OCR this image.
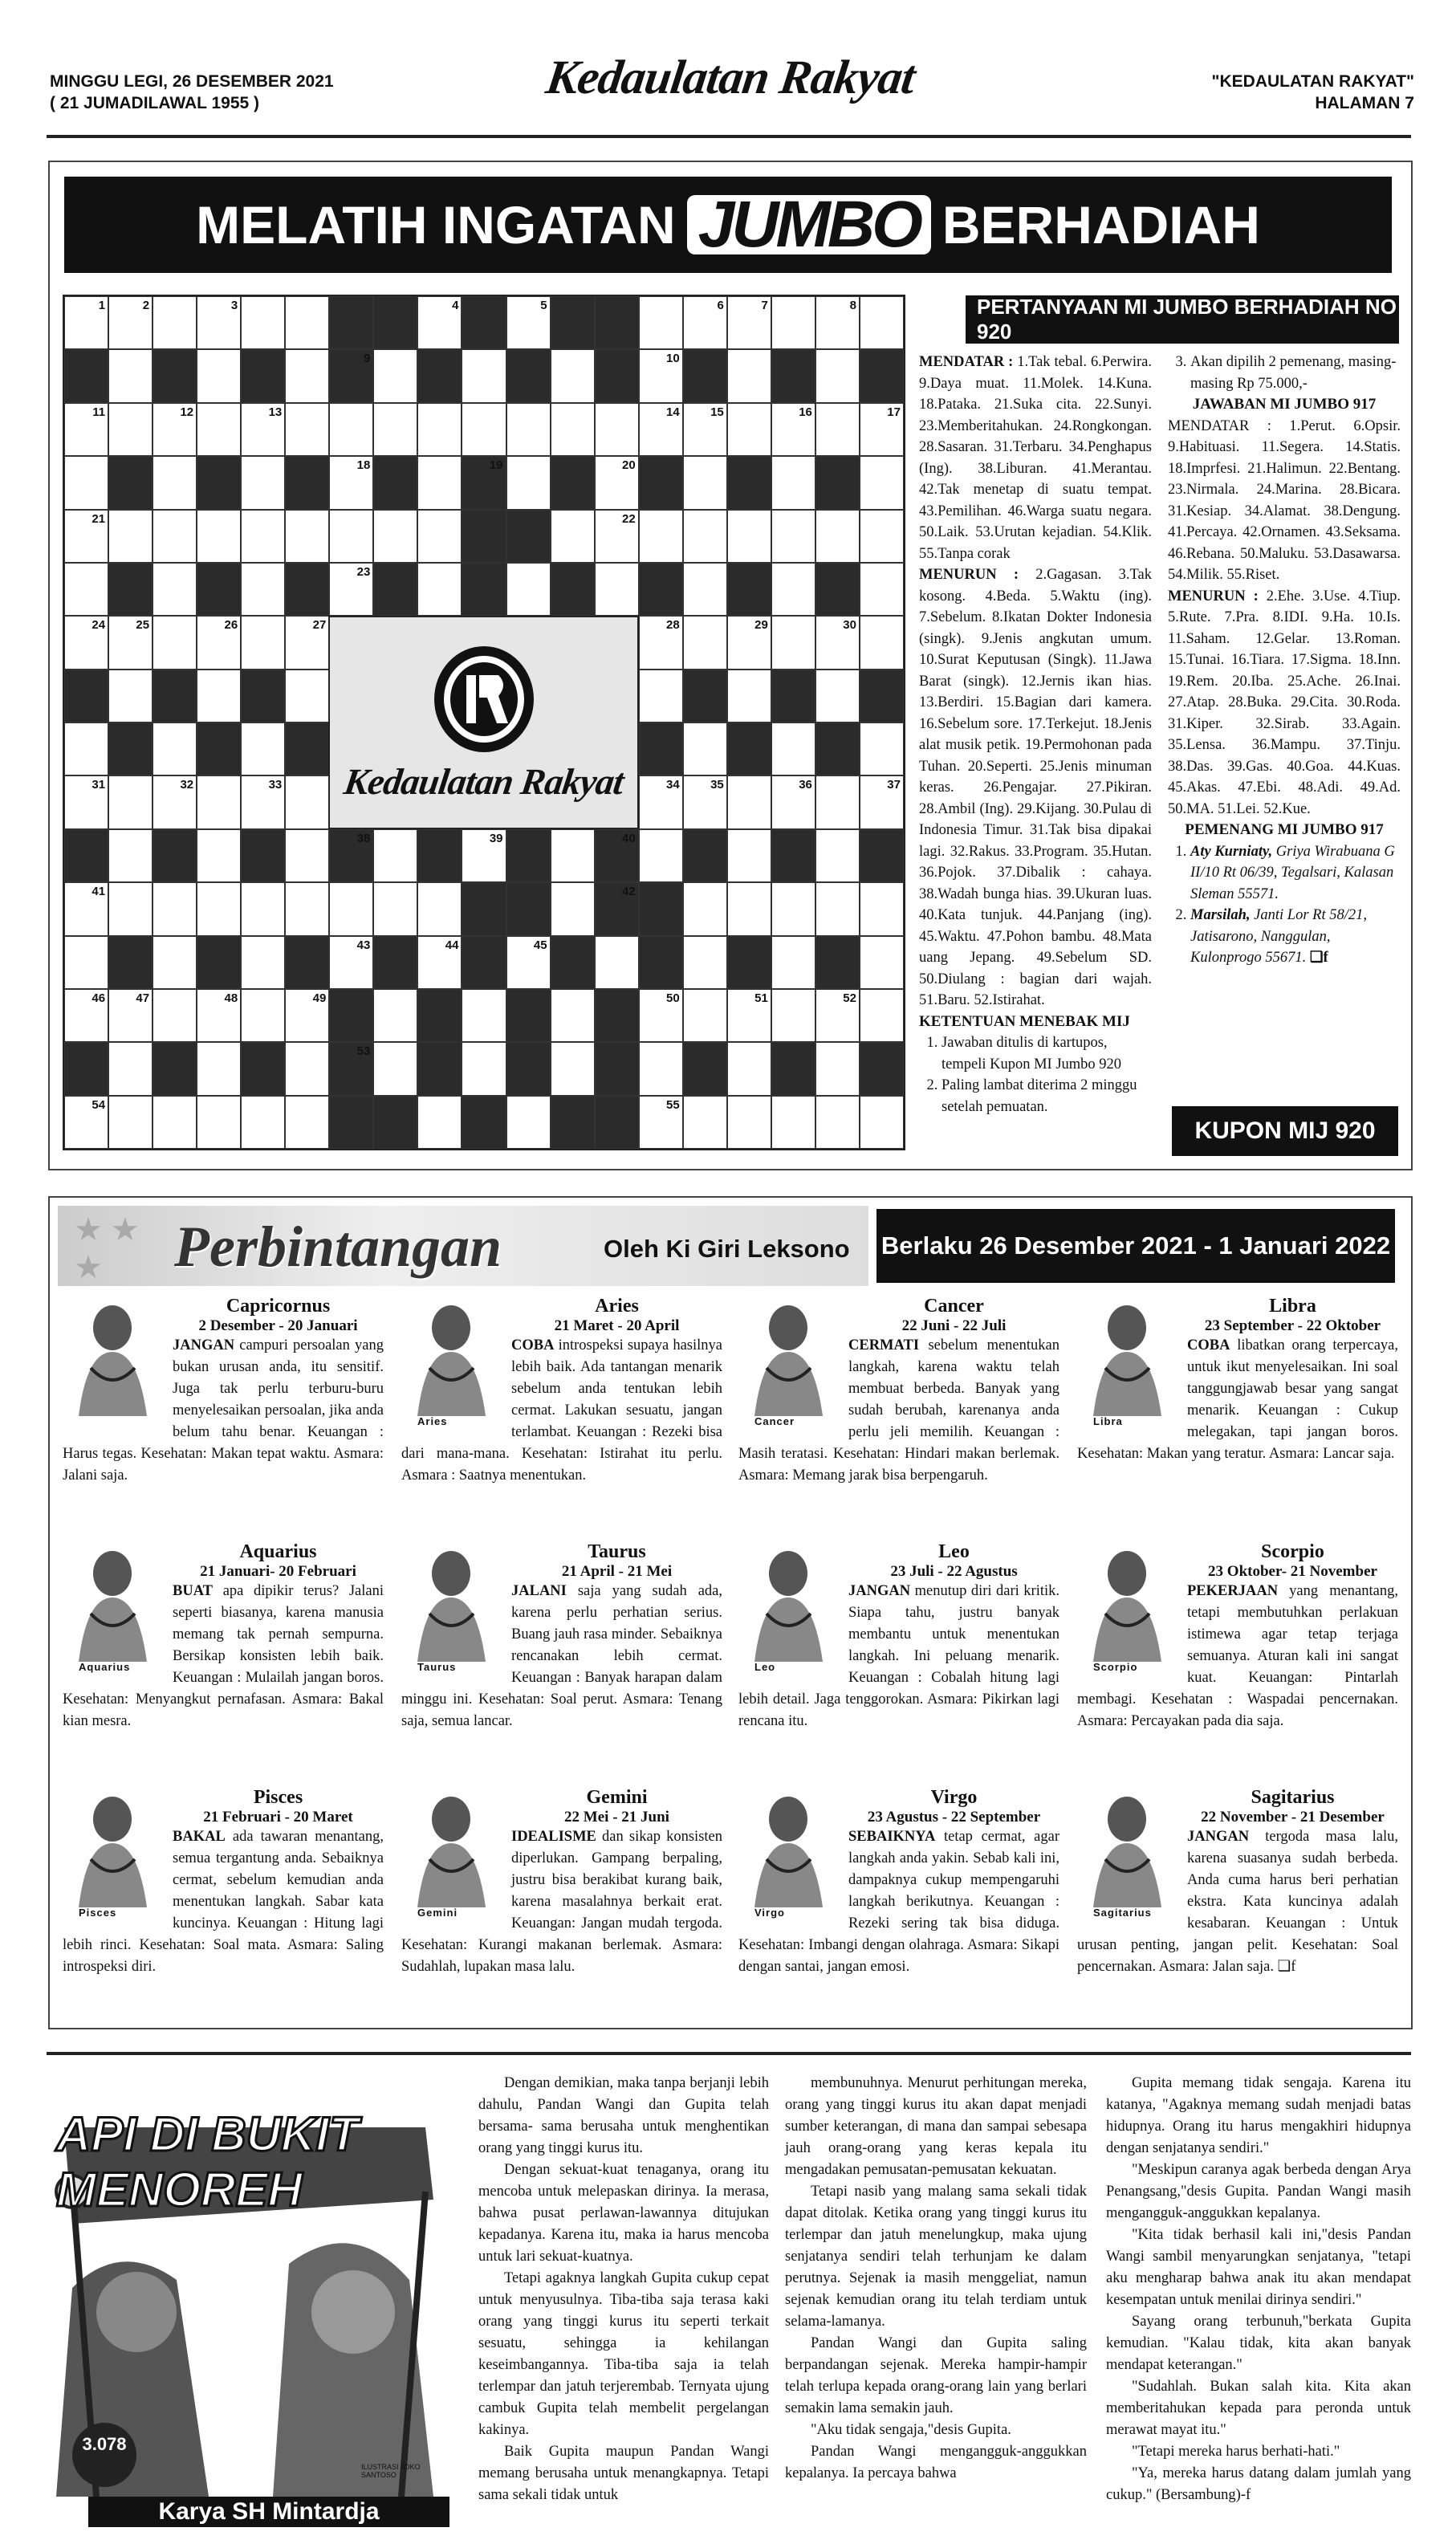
MINGGU LEGI, 26 DESEMBER 2021
( 21 JUMADILAWAL 1955 )	Kedaulatan Rakyat	"KEDAULATAN RAKYAT"
HALAMAN 7
MELATIH INGATAN JUMBO BERHADIAH
1	2	3	4	5	6	7	8
9	10
11	12	13	14	15	16	17
18	19	20
21	22
23
24	25	26	27	28	29	30
31	32	33	34	35	36	37
38	39	40
41	42
43	44	45
46	47	48	49	50	51	52
53
54	55
Kedaulatan Rakyat
PERTANYAAN MI JUMBO BERHADIAH NO 920
MENDATAR : 1.Tak tebal. 6.Perwira. 9.Daya muat. 11.Molek. 14.Kuna. 18.Pataka. 21.Suka cita. 22.Sunyi. 23.Memberitahukan. 24.Rongkongan. 28.Sasaran. 31.Terbaru. 34.Penghapus (Ing). 38.Liburan. 41.Merantau. 42.Tak menetap di suatu tempat. 43.Pemilihan. 46.Warga suatu negara. 50.Laik. 53.Urutan kejadian. 54.Klik. 55.Tanpa corak
MENURUN : 2.Gagasan. 3.Tak kosong. 4.Beda. 5.Waktu (ing). 7.Sebelum. 8.Ikatan Dokter Indonesia (singk). 9.Jenis angkutan umum. 10.Surat Keputusan (Singk). 11.Jawa Barat (singk). 12.Jernis ikan hias. 13.Berdiri. 15.Bagian dari kamera. 16.Sebelum sore. 17.Terkejut. 18.Jenis alat musik petik. 19.Permohonan pada Tuhan. 20.Seperti. 25.Jenis minuman keras. 26.Pengajar. 27.Pikiran. 28.Ambil (Ing). 29.Kijang. 30.Pulau di Indonesia Timur. 31.Tak bisa dipakai lagi. 32.Rakus. 33.Program. 35.Hutan. 36.Pojok. 37.Dibalik : cahaya. 38.Wadah bunga hias. 39.Ukuran luas. 40.Kata tunjuk. 44.Panjang (ing). 45.Waktu. 47.Pohon bambu. 48.Mata uang Jepang. 49.Sebelum SD. 50.Diulang : bagian dari wajah. 51.Baru. 52.Istirahat.
KETENTUAN MENEBAK MIJ
1. Jawaban ditulis di kartupos, tempeli Kupon MI Jumbo 920
2. Paling lambat diterima 2 minggu setelah pemuatan.
3. Akan dipilih 2 pemenang, masing-masing Rp 75.000,-
JAWABAN MI JUMBO 917
MENDATAR : 1.Perut. 6.Opsir. 9.Habituasi. 11.Segera. 14.Statis. 18.Imprfesi. 21.Halimun. 22.Bentang. 23.Nirmala. 24.Marina. 28.Bicara. 31.Kesiap. 34.Alamat. 38.Dengung. 41.Percaya. 42.Ornamen. 43.Seksama. 46.Rebana. 50.Maluku. 53.Dasawarsa. 54.Milik. 55.Riset.
MENURUN : 2.Ehe. 3.Use. 4.Tiup. 5.Rute. 7.Pra. 8.IDI. 9.Ha. 10.Is. 11.Saham. 12.Gelar. 13.Roman. 15.Tunai. 16.Tiara. 17.Sigma. 18.Inn. 19.Rem. 20.Iba. 25.Ache. 26.Inai. 27.Atap. 28.Buka. 29.Cita. 30.Roda. 31.Kiper. 32.Sirab. 33.Again. 35.Lensa. 36.Mampu. 37.Tinju. 38.Das. 39.Gas. 40.Goa. 44.Kuas. 45.Akas. 47.Ebi. 48.Adi. 49.Ad. 50.MA. 51.Lei. 52.Kue.
PEMENANG MI JUMBO 917
1. Aty Kurniaty, Griya Wirabuana G II/10 Rt 06/39, Tegalsari, Kalasan Sleman 55571.
2. Marsilah, Janti Lor Rt 58/21, Jatisarono, Nanggulan, Kulonprogo 55671. ❏f
KUPON MIJ 920
★ ★
★	Perbintangan	Oleh Ki Giri Leksono Berlaku 26 Desember 2021 - 1 Januari 2022
Capricornus
2 Desember - 20 Januari
JANGAN campuri persoalan yang bukan urusan anda, itu sensitif. Juga tak perlu terburu-buru menyelesaikan persoalan, jika anda belum tahu benar. Keuangan : Harus tegas. Kesehatan: Makan tepat waktu. Asmara: Jalani saja.
Aries
Aries
21 Maret - 20 April
COBA introspeksi supaya hasilnya lebih baik. Ada tantangan menarik sebelum anda tentukan lebih cermat. Lakukan sesuatu, jangan terlambat. Keuangan : Rezeki bisa dari mana-mana. Kesehatan: Istirahat itu perlu. Asmara : Saatnya menentukan.
Cancer
Cancer
22 Juni - 22 Juli
CERMATI sebelum menentukan langkah, karena waktu telah membuat berbeda. Banyak yang sudah berubah, karenanya anda perlu jeli memilih. Keuangan : Masih teratasi. Kesehatan: Hindari makan berlemak. Asmara: Memang jarak bisa berpengaruh.
Libra
Libra
23 September - 22 Oktober
COBA libatkan orang terpercaya, untuk ikut menyelesaikan. Ini soal tanggungjawab besar yang sangat menarik. Keuangan : Cukup melegakan, tapi jangan boros. Kesehatan: Makan yang teratur. Asmara: Lancar saja.
Aquarius
Aquarius
21 Januari- 20 Februari
BUAT apa dipikir terus? Jalani seperti biasanya, karena manusia memang tak pernah sempurna. Bersikap konsisten lebih baik. Keuangan : Mulailah jangan boros. Kesehatan: Menyangkut pernafasan. Asmara: Bakal kian mesra.
Taurus
Taurus
21 April - 21 Mei
JALANI saja yang sudah ada, karena perlu perhatian serius. Buang jauh rasa minder. Sebaiknya rencanakan lebih cermat. Keuangan : Banyak harapan dalam minggu ini. Kesehatan: Soal perut. Asmara: Tenang saja, semua lancar.
Leo
Leo
23 Juli - 22 Agustus
JANGAN menutup diri dari kritik. Siapa tahu, justru banyak membantu untuk menentukan langkah. Ini peluang menarik. Keuangan : Cobalah hitung lagi lebih detail. Jaga tenggorokan. Asmara: Pikirkan lagi rencana itu.
Scorpio
Scorpio
23 Oktober- 21 November
PEKERJAAN yang menantang, tetapi membutuhkan perlakuan istimewa agar tetap terjaga semuanya. Aturan kali ini sangat kuat. Keuangan: Pintarlah membagi. Kesehatan : Waspadai pencernakan. Asmara: Percayakan pada dia saja.
Pisces
Pisces
21 Februari - 20 Maret
BAKAL ada tawaran menantang, semua tergantung anda. Sebaiknya cermat, sebelum kemudian anda menentukan langkah. Sabar kata kuncinya. Keuangan : Hitung lagi lebih rinci. Kesehatan: Soal mata. Asmara: Saling introspeksi diri.
Gemini
Gemini
22 Mei - 21 Juni
IDEALISME dan sikap konsisten diperlukan. Gampang berpaling, justru bisa berakibat kurang baik, karena masalahnya berkait erat. Keuangan: Jangan mudah tergoda. Kesehatan: Kurangi makanan berlemak. Asmara: Sudahlah, lupakan masa lalu.
Virgo
Virgo
23 Agustus - 22 September
SEBAIKNYA tetap cermat, agar langkah anda yakin. Sebab kali ini, dampaknya cukup mempengaruhi langkah berikutnya. Keuangan : Rezeki sering tak bisa diduga. Kesehatan: Imbangi dengan olahraga. Asmara: Sikapi dengan santai, jangan emosi.
Sagitarius
Sagitarius
22 November - 21 Desember
JANGAN tergoda masa lalu, karena suasanya sudah berbeda. Anda cuma harus beri perhatian ekstra. Kata kuncinya adalah kesabaran. Keuangan : Untuk urusan penting, jangan pelit. Kesehatan: Soal pencernakan. Asmara: Jalan saja. ❏f
API DI BUKIT MENOREH
3.078
ILUSTRASI JOKO SANTOSO
Karya SH Mintardja

Dengan demikian, maka tanpa berjanji lebih dahulu, Pandan Wangi dan Gupita telah bersama- sama berusaha untuk menghentikan orang yang tinggi kurus itu.

Dengan sekuat-kuat tenaganya, orang itu mencoba untuk melepaskan dirinya. Ia merasa, bahwa pusat perlawan-lawannya ditujukan kepadanya. Karena itu, maka ia harus mencoba untuk lari sekuat-kuatnya.

Tetapi agaknya langkah Gupita cukup cepat untuk menyusulnya. Tiba-tiba saja terasa kaki orang yang tinggi kurus itu seperti terkait sesuatu, sehingga ia kehilangan keseimbangannya. Tiba-tiba saja ia telah terlempar dan jatuh terjerembab. Ternyata ujung cambuk Gupita telah membelit pergelangan kakinya.

Baik Gupita maupun Pandan Wangi memang berusaha untuk menangkapnya. Tetapi sama sekali tidak untuk

membunuhnya. Menurut perhitungan mereka, orang yang tinggi kurus itu akan dapat menjadi sumber keterangan, di mana dan sampai sebesapa jauh orang-orang yang keras kepala itu mengadakan pemusatan-pemusatan kekuatan.

Tetapi nasib yang malang sama sekali tidak dapat ditolak. Ketika orang yang tinggi kurus itu terlempar dan jatuh menelungkup, maka ujung senjatanya sendiri telah terhunjam ke dalam perutnya. Sejenak ia masih menggeliat, namun sejenak kemudian orang itu telah terdiam untuk selama-lamanya.

Pandan Wangi dan Gupita saling berpandangan sejenak. Mereka hampir-hampir telah terlupa kepada orang-orang lain yang berlari semakin lama semakin jauh.

"Aku tidak sengaja,"desis Gupita.

Pandan Wangi mengangguk-anggukkan kepalanya. Ia percaya bahwa

Gupita memang tidak sengaja. Karena itu katanya, "Agaknya memang sudah menjadi batas hidupnya. Orang itu harus mengakhiri hidupnya dengan senjatanya sendiri."

"Meskipun caranya agak berbeda dengan Arya Penangsang,"desis Gupita. Pandan Wangi masih mengangguk-anggukkan kepalanya.

"Kita tidak berhasil kali ini,"desis Pandan Wangi sambil menyarungkan senjatanya, "tetapi aku mengharap bahwa anak itu akan mendapat kesempatan untuk menilai dirinya sendiri."

Sayang orang terbunuh,"berkata Gupita kemudian. "Kalau tidak, kita akan banyak mendapat keterangan."

"Sudahlah. Bukan salah kita. Kita akan memberitahukan kepada para peronda untuk merawat mayat itu."

"Tetapi mereka harus berhati-hati."

"Ya, mereka harus datang dalam jumlah yang cukup." (Bersambung)-f
